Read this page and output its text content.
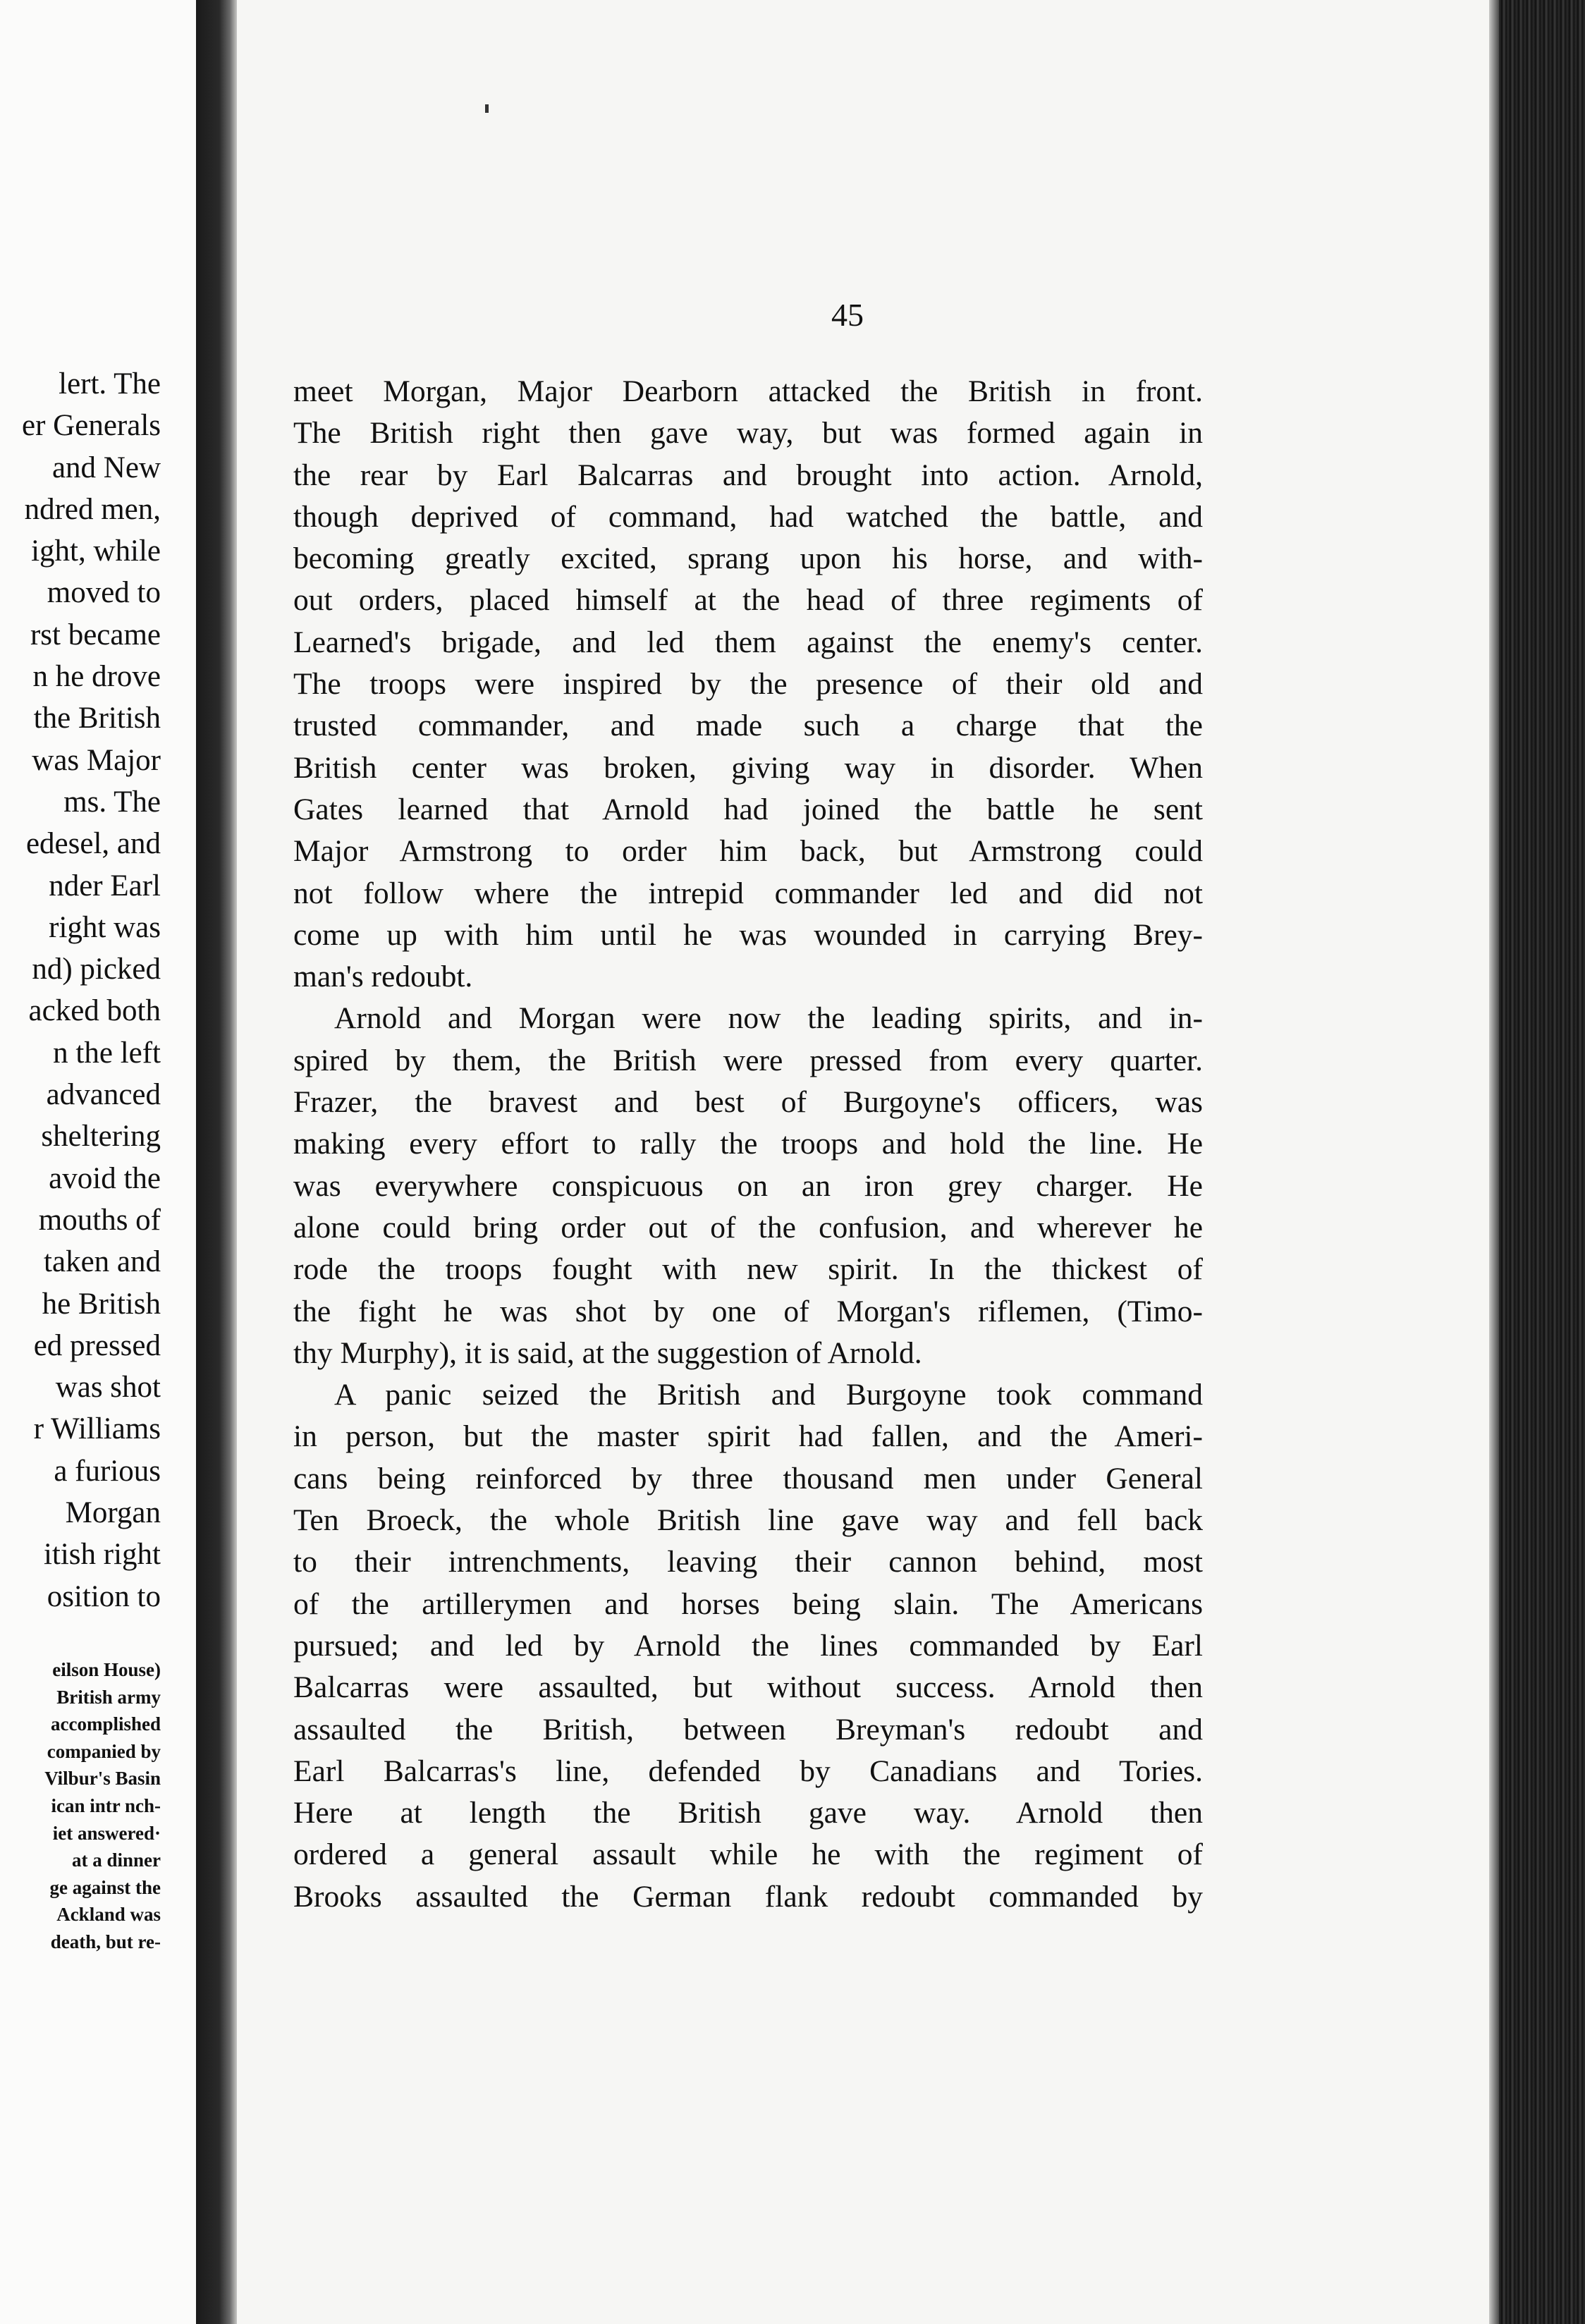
lert. The
er Generals
and New
ndred men,
ight, while
moved to
rst became
n he drove
the British
was Major
ms. The
edesel, and
nder Earl
right was
nd) picked
acked both
n the left
advanced
sheltering
avoid the
mouths of
taken and
he British
ed pressed
was shot
r Williams
a furious
Morgan
itish right
osition to
eilson House)
British army
accomplished
companied by
Vilbur's Basin
ican intr nch-
iet answered·
at a dinner
ge against the
Ackland was
death, but re-
45
meet Morgan, Major Dearborn attacked the British in front.
The British right then gave way, but was formed again in
the rear by Earl Balcarras and brought into action. Arnold,
though deprived of command, had watched the battle, and
becoming greatly excited, sprang upon his horse, and with-
out orders, placed himself at the head of three regiments of
Learned's brigade, and led them against the enemy's center.
The troops were inspired by the presence of their old and
trusted commander, and made such a charge that the
British center was broken, giving way in disorder. When
Gates learned that Arnold had joined the battle he sent
Major Armstrong to order him back, but Armstrong could
not follow where the intrepid commander led and did not
come up with him until he was wounded in carrying Brey-
man's redoubt.
Arnold and Morgan were now the leading spirits, and in-
spired by them, the British were pressed from every quarter.
Frazer, the bravest and best of Burgoyne's officers, was
making every effort to rally the troops and hold the line. He
was everywhere conspicuous on an iron grey charger. He
alone could bring order out of the confusion, and wherever he
rode the troops fought with new spirit. In the thickest of
the fight he was shot by one of Morgan's riflemen, (Timo-
thy Murphy), it is said, at the suggestion of Arnold.
A panic seized the British and Burgoyne took command
in person, but the master spirit had fallen, and the Ameri-
cans being reinforced by three thousand men under General
Ten Broeck, the whole British line gave way and fell back
to their intrenchments, leaving their cannon behind, most
of the artillerymen and horses being slain. The Americans
pursued; and led by Arnold the lines commanded by Earl
Balcarras were assaulted, but without success. Arnold then
assaulted the British, between Breyman's redoubt and
Earl Balcarras's line, defended by Canadians and Tories.
Here at length the British gave way. Arnold then
ordered a general assault while he with the regiment of
Brooks assaulted the German flank redoubt commanded by
